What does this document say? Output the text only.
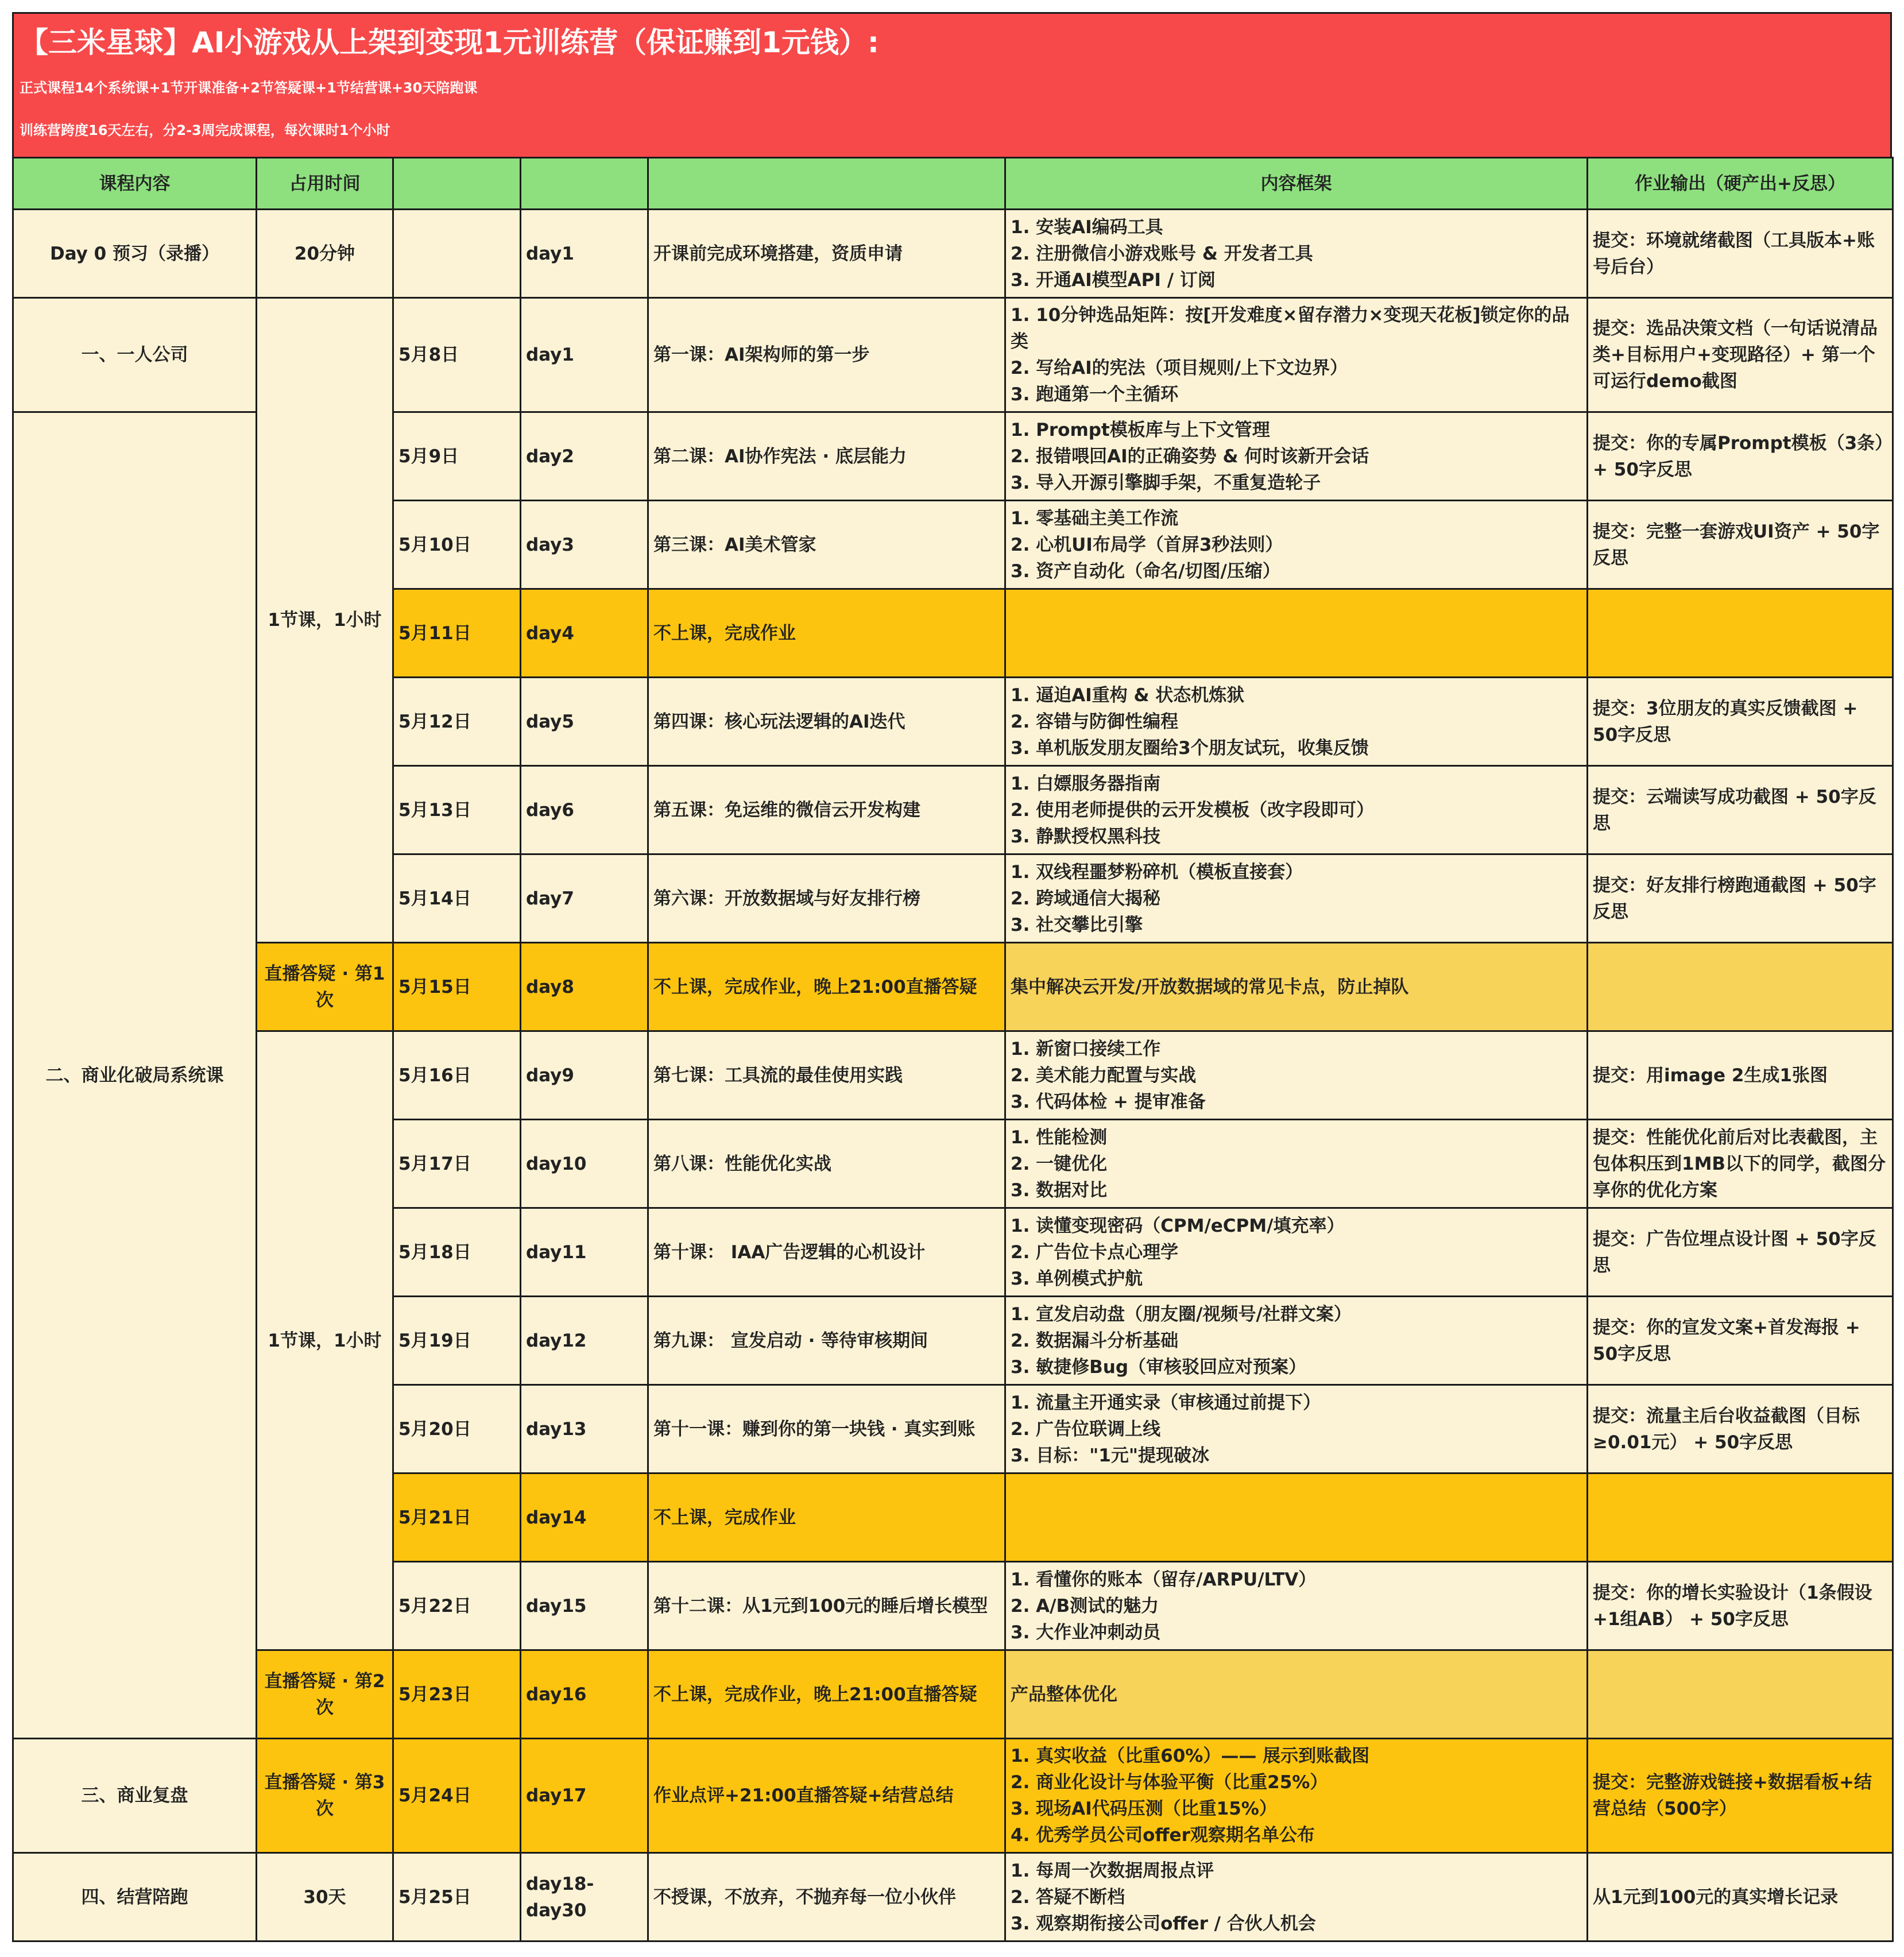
【三米星球】AI小游戏从上架到变现1元训练营（保证赚到1元钱）:
正式课程14个系统课+1节开课准备+2节答疑课+1节结营课+30天陪跑课
训练营跨度16天左右，分2-3周完成课程，每次课时1个小时
课程内容	占用时间				内容框架	作业输出（硬产出+反思）
Day 0 预习（录播）	20分钟		day1	开课前完成环境搭建，资质申请	1. 安装AI编码工具
2. 注册微信小游戏账号 & 开发者工具
3. 开通AI模型API / 订阅	提交：环境就绪截图（工具版本+账号后台）
一、一人公司	1节课，1小时	5月8日	day1	第一课：AI架构师的第一步	1. 10分钟选品矩阵：按[开发难度×留存潜力×变现天花板]锁定你的品类
2. 写给AI的宪法（项目规则/上下文边界）
3. 跑通第一个主循环	提交：选品决策文档（一句话说清品类+目标用户+变现路径）+ 第一个可运行demo截图
二、商业化破局系统课		5月9日	day2	第二课：AI协作宪法 · 底层能力	1. Prompt模板库与上下文管理
2. 报错喂回AI的正确姿势 & 何时该新开会话
3. 导入开源引擎脚手架，不重复造轮子	提交：你的专属Prompt模板（3条）+ 50字反思
		5月10日	day3	第三课：AI美术管家	1. 零基础主美工作流
2. 心机UI布局学（首屏3秒法则）
3. 资产自动化（命名/切图/压缩）	提交：完整一套游戏UI资产 + 50字反思
		5月11日	day4	不上课，完成作业		
		5月12日	day5	第四课：核心玩法逻辑的AI迭代	1. 逼迫AI重构 & 状态机炼狱
2. 容错与防御性编程
3. 单机版发朋友圈给3个朋友试玩，收集反馈	提交：3位朋友的真实反馈截图 + 50字反思
		5月13日	day6	第五课：免运维的微信云开发构建	1. 白嫖服务器指南
2. 使用老师提供的云开发模板（改字段即可）
3. 静默授权黑科技	提交：云端读写成功截图 + 50字反思
		5月14日	day7	第六课：开放数据域与好友排行榜	1. 双线程噩梦粉碎机（模板直接套）
2. 跨域通信大揭秘
3. 社交攀比引擎	提交：好友排行榜跑通截图 + 50字反思
	直播答疑 · 第1次	5月15日	day8	不上课，完成作业，晚上21:00直播答疑	集中解决云开发/开放数据域的常见卡点，防止掉队	

	1节课，1小时	5月16日	day9	第七课：工具流的最佳使用实践	1. 新窗口接续工作
2. 美术能力配置与实战
3. 代码体检 + 提审准备	提交：用image 2生成1张图
		5月17日	day10	第八课：性能优化实战	1. 性能检测
2. 一键优化
3. 数据对比	提交：性能优化前后对比表截图，主包体积压到1MB以下的同学，截图分享你的优化方案
		5月18日	day11	第十课： IAA广告逻辑的心机设计	1. 读懂变现密码（CPM/eCPM/填充率）
2. 广告位卡点心理学
3. 单例模式护航	提交：广告位埋点设计图 + 50字反思
		5月19日	day12	第九课： 宣发启动 · 等待审核期间	1. 宣发启动盘（朋友圈/视频号/社群文案）
2. 数据漏斗分析基础
3. 敏捷修Bug（审核驳回应对预案）	提交：你的宣发文案+首发海报 + 50字反思
		5月20日	day13	第十一课：赚到你的第一块钱 · 真实到账	1. 流量主开通实录（审核通过前提下）
2. 广告位联调上线
3. 目标："1元"提现破冰	提交：流量主后台收益截图（目标≥0.01元） + 50字反思
		5月21日	day14	不上课，完成作业		
		5月22日	day15	第十二课：从1元到100元的睡后增长模型	1. 看懂你的账本（留存/ARPU/LTV）
2. A/B测试的魅力
3. 大作业冲刺动员	提交：你的增长实验设计（1条假设+1组AB） + 50字反思
	直播答疑 · 第2次	5月23日	day16	不上课，完成作业，晚上21:00直播答疑	产品整体优化	

三、商业复盘	直播答疑 · 第3次	5月24日	day17	作业点评+21:00直播答疑+结营总结	1. 真实收益（比重60%）—— 展示到账截图
2. 商业化设计与体验平衡（比重25%）
3. 现场AI代码压测（比重15%）
4. 优秀学员公司offer观察期名单公布	提交：完整游戏链接+数据看板+结营总结（500字）
四、结营陪跑	30天	5月25日	day18-day30	不授课，不放弃，不抛弃每一位小伙伴	1. 每周一次数据周报点评
2. 答疑不断档
3. 观察期衔接公司offer / 合伙人机会	从1元到100元的真实增长记录
